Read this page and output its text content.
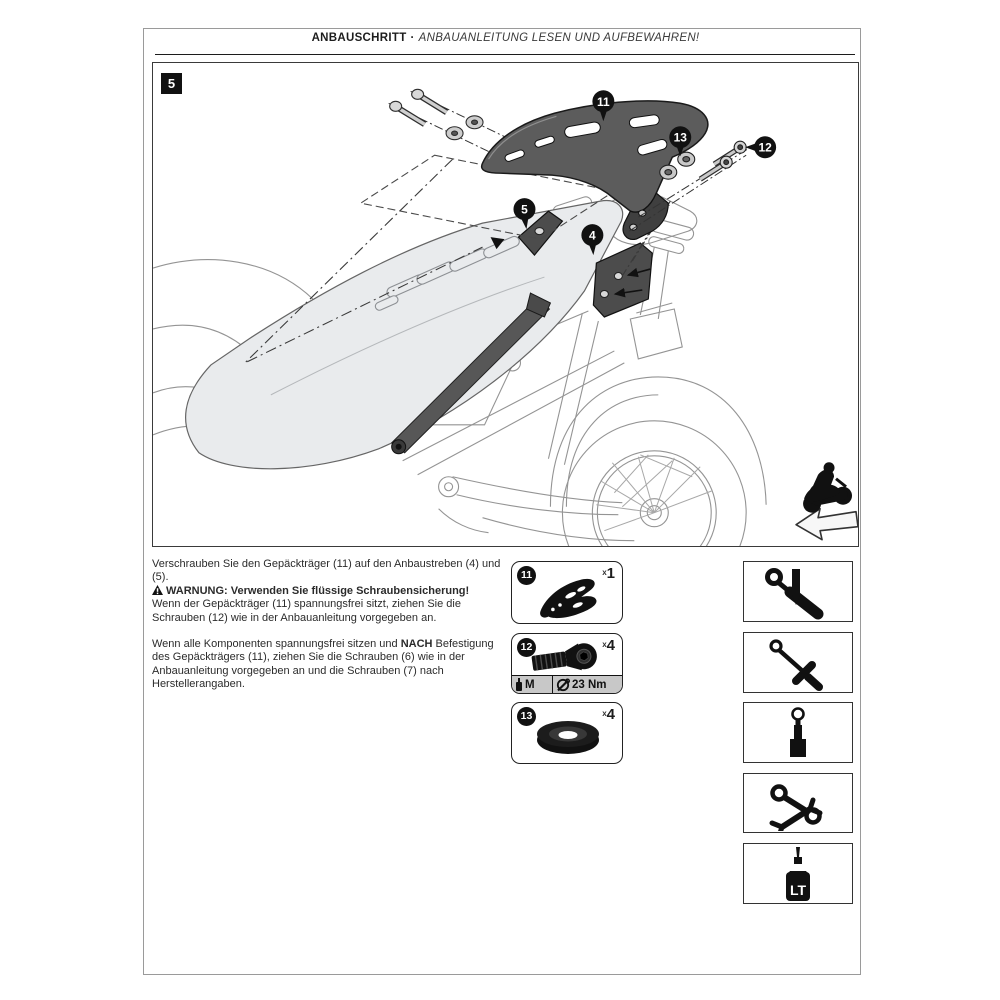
ANBAUSCHRITT · ANBAUANLEITUNG LESEN UND AUFBEWAHREN!
5
11
13
12
5
4

Verschrauben Sie den Gepäckträger (11) auf den Anbaustreben (4) und (5).
WARNUNG: Verwenden Sie flüssige Schraubensicherung!
Wenn der Gepäckträger (11) spannungsfrei sitzt, ziehen Sie die Schrauben (12) wie in der Anbauanleitung vorgegeben an.

Wenn alle Komponenten spannungsfrei sitzen und NACH Befestigung des Gepäckträgers (11), ziehen Sie die Schrauben (6) wie in der Anbauanleitung vorgegeben an und die Schrauben (7) nach Herstellerangaben.

11	x1
12	x4
M	23 Nm
13	x4
LT
